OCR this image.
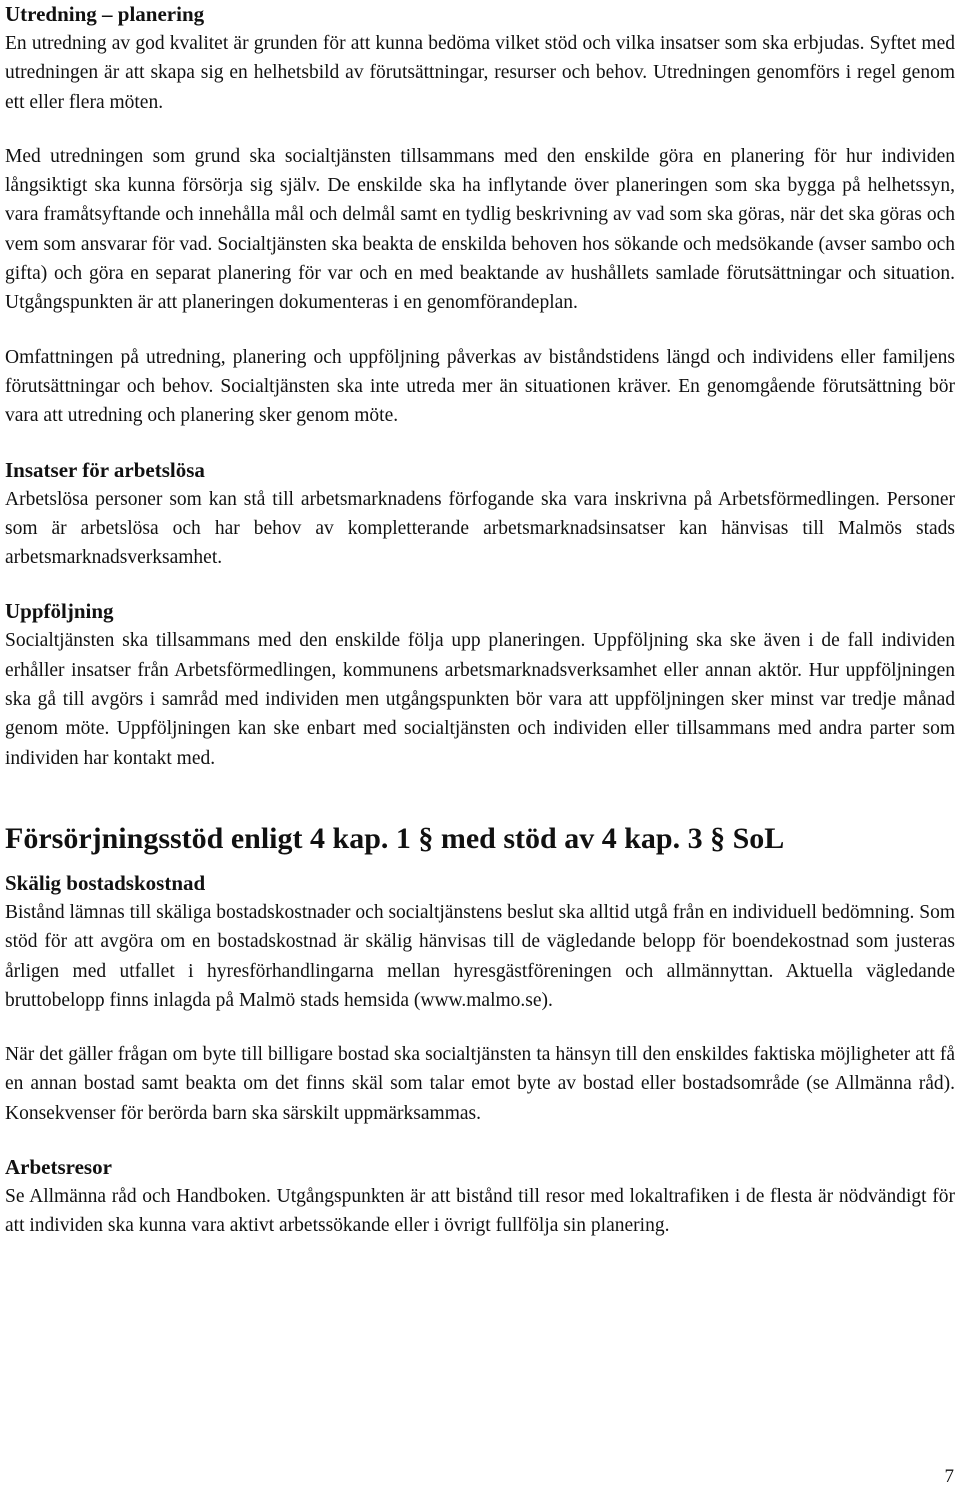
Utredning – planering

En utredning av god kvalitet är grunden för att kunna bedöma vilket stöd och vilka insatser som ska erbjudas. Syftet med utredningen är att skapa sig en helhetsbild av förutsättningar, resurser och behov. Utredningen genomförs i regel genom ett eller flera möten.

Med utredningen som grund ska socialtjänsten tillsammans med den enskilde göra en planering för hur individen långsiktigt ska kunna försörja sig själv. De enskilde ska ha inflytande över planeringen som ska bygga på helhetssyn, vara framåtsyftande och innehålla mål och delmål samt en tydlig beskrivning av vad som ska göras, när det ska göras och vem som ansvarar för vad. Socialtjänsten ska beakta de enskilda behoven hos sökande och medsökande (avser sambo och gifta) och göra en separat planering för var och en med beaktande av hushållets samlade förutsättningar och situation. Utgångspunkten är att planeringen dokumenteras i en genomförandeplan.

Omfattningen på utredning, planering och uppföljning påverkas av biståndstidens längd och individens eller familjens förutsättningar och behov. Socialtjänsten ska inte utreda mer än situationen kräver. En genomgående förutsättning bör vara att utredning och planering sker genom möte.

Insatser för arbetslösa

Arbetslösa personer som kan stå till arbetsmarknadens förfogande ska vara inskrivna på Arbetsförmedlingen. Personer som är arbetslösa och har behov av kompletterande arbetsmarknadsinsatser kan hänvisas till Malmös stads arbetsmarknadsverksamhet.

Uppföljning

Socialtjänsten ska tillsammans med den enskilde följa upp planeringen. Uppföljning ska ske även i de fall individen erhåller insatser från Arbetsförmedlingen, kommunens arbetsmarknadsverksamhet eller annan aktör. Hur uppföljningen ska gå till avgörs i samråd med individen men utgångspunkten bör vara att uppföljningen sker minst var tredje månad genom möte. Uppföljningen kan ske enbart med socialtjänsten och individen eller tillsammans med andra parter som individen har kontakt med.

Försörjningsstöd enligt 4 kap. 1 § med stöd av 4 kap. 3 § SoL
Skälig bostadskostnad

Bistånd lämnas till skäliga bostadskostnader och socialtjänstens beslut ska alltid utgå från en individuell bedömning. Som stöd för att avgöra om en bostadskostnad är skälig hänvisas till de vägledande belopp för boendekostnad som justeras årligen med utfallet i hyresförhandlingarna mellan hyresgästföreningen och allmännyttan. Aktuella vägledande bruttobelopp finns inlagda på Malmö stads hemsida (www.malmo.se).

När det gäller frågan om byte till billigare bostad ska socialtjänsten ta hänsyn till den enskildes faktiska möjligheter att få en annan bostad samt beakta om det finns skäl som talar emot byte av bostad eller bostadsområde (se Allmänna råd). Konsekvenser för berörda barn ska särskilt uppmärksammas.

Arbetsresor

Se Allmänna råd och Handboken. Utgångspunkten är att bistånd till resor med lokaltrafiken i de flesta är nödvändigt för att individen ska kunna vara aktivt arbetssökande eller i övrigt fullfölja sin planering.

7
